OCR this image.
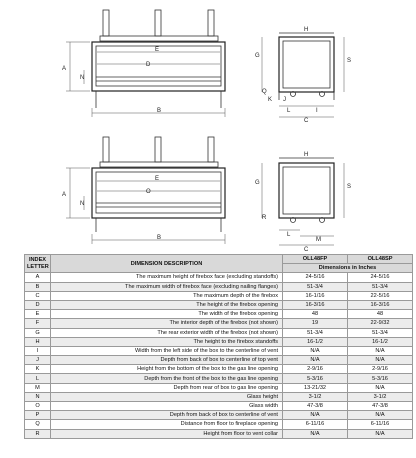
E
D
A
N
B
H
S
G
Q
K J
L	I
C
E
O
A
N
B
H
S
G
R
L
M
C
INDEX LETTER	DIMENSION DESCRIPTION	OLL48FP	OLL48SP
		Dimensions in Inches	
A	The maximum height of firebox face (excluding standoffs)	24-5/16	24-5/16
B	The maximum width of firebox face (excluding nailing flanges)	51-3/4	51-3/4
C	The maximum depth of the firebox	16-1/16	22-5/16
D	The height of the firebox opening	16-3/16	16-3/16
E	The width of the firebox opening	48	48
F	The interior depth of the firebox (not shown)	19	22-9/32
G	The rear exterior width of the firebox (not shown)	51-3/4	51-3/4
H	The height to the firebox standoffs	16-1/2	16-1/2
I	Width from the left side of the box to the centerline of vent	N/A	N/A
J	Depth from back of box to centerline of top vent	N/A	N/A
K	Height from the bottom of the box to the gas line opening	2-9/16	2-9/16
L	Depth from the front of the box to the gas line opening	5-3/16	5-3/16
M	Depth from rear of box to gas line opening	13-21/32	N/A
N	Glass height	3-1/2	3-1/2
O	Glass width	47-3/8	47-3/8
P	Depth from back of box to centerline of vent	N/A	N/A
Q	Distance from floor to fireplace opening	6-11/16	6-11/16
R	Height from floor to vent collar	N/A	N/A
